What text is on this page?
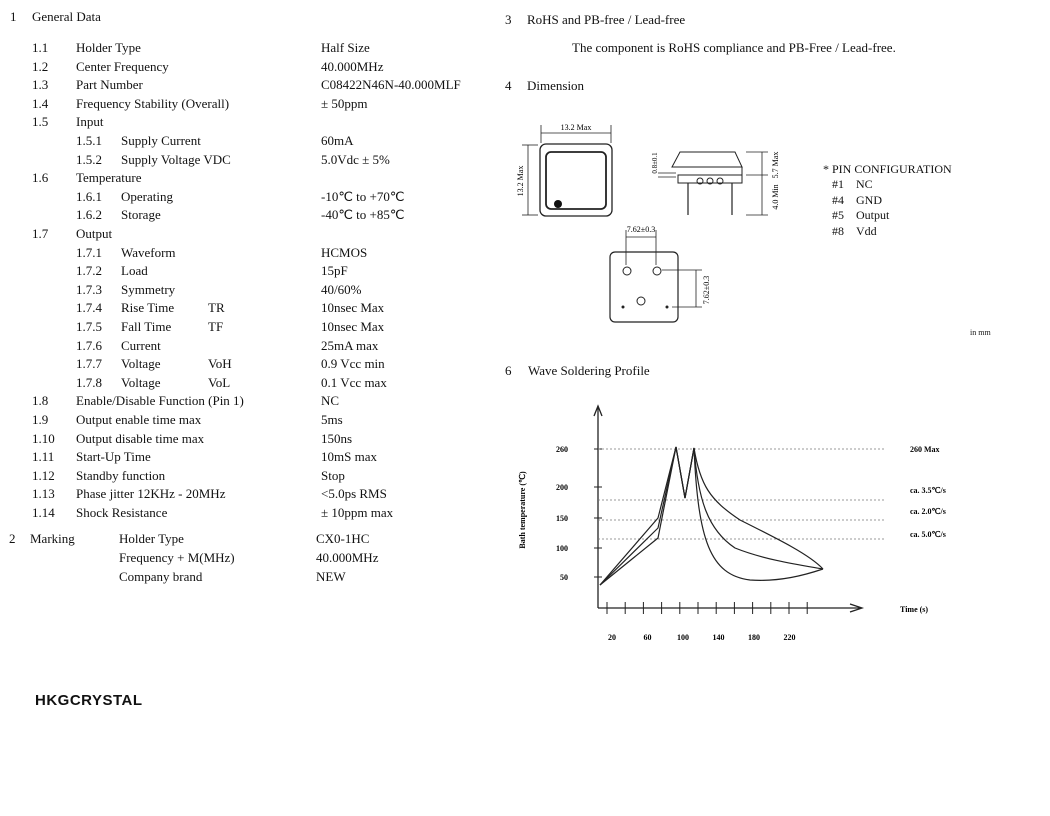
1 General Data
1.1 Holder Type	Half Size
1.2 Center Frequency	40.000MHz
1.3 Part Number	C08422N46N-40.000MLF
1.4 Frequency Stability (Overall)	± 50ppm
1.5 Input
1.5.1 Supply Current	60mA
1.5.2 Supply Voltage VDC	5.0Vdc ± 5%
1.6 Temperature
1.6.1 Operating	-10℃ to +70℃
1.6.2 Storage	-40℃ to +85℃
1.7 Output
1.7.1 Waveform	HCMOS
1.7.2 Load	15pF
1.7.3 Symmetry	40/60%
1.7.4 Rise Time	TR	10nsec Max
1.7.5 Fall Time	TF	10nsec Max
1.7.6 Current	25mA max
1.7.7 Voltage	VoH	0.9 Vcc min
1.7.8 Voltage	VoL	0.1 Vcc max
1.8 Enable/Disable Function (Pin 1)	NC
1.9 Output enable time max	5ms
1.10 Output disable time max	150ns
1.11 Start-Up Time	10mS max
1.12 Standby function	Stop
1.13 Phase jitter 12KHz - 20MHz	<5.0ps RMS
1.14 Shock Resistance	± 10ppm max
2 Marking	Holder Type	CX0-1HC
Frequency + M(MHz)	40.000MHz
Company brand	NEW
HKGCRYSTAL
3 RoHS and PB-free / Lead-free
The component is RoHS compliance and PB-Free / Lead-free.
4 Dimension
13.2 Max
13.2 Max
0.8±0.1	5.7 Max
4.0 Min
7.62±0.3
7.62±0.3
* PIN CONFIGURATION
#1 NC
#4 GND
#5 Output
#8 Vdd
in mm
6 Wave Soldering Profile
20	60	100	140	180	220
50
100
150
200
260
Bath temperature (℃)
Time (s)
260 Max
ca. 3.5℃/s
ca. 2.0℃/s
ca. 5.0℃/s
